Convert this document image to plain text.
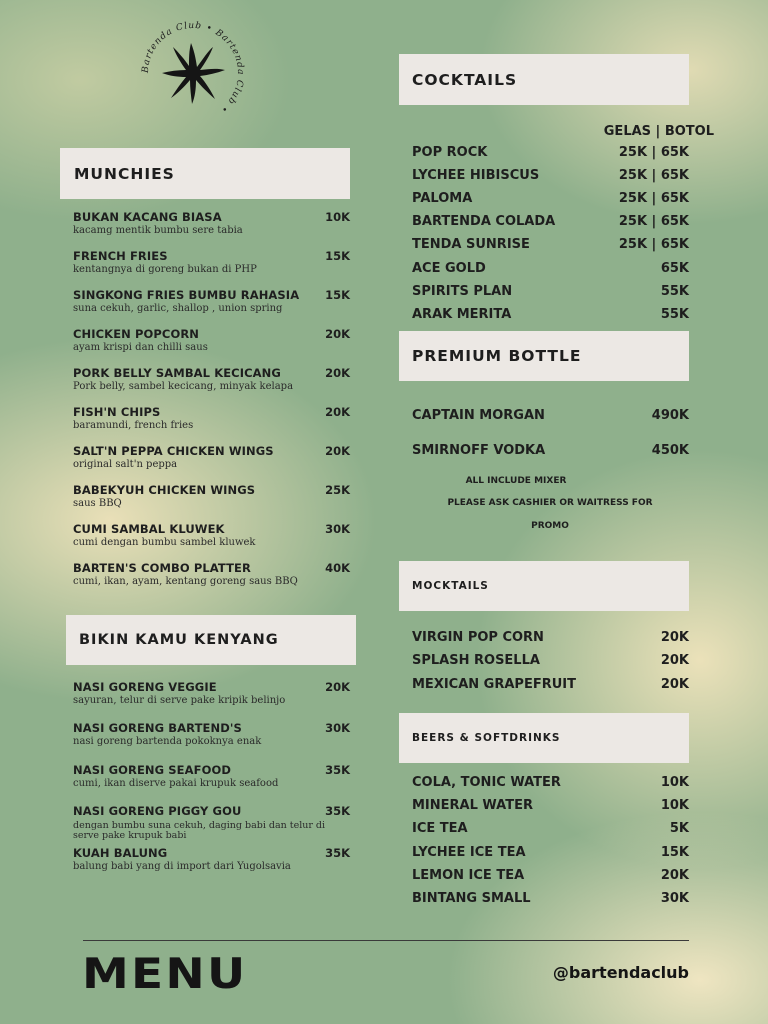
Bartenda Club • Bartenda Club •
MUNCHIES
BUKAN KACANG BIASA	10K
kacamg mentik bumbu sere tabia
FRENCH FRIES	15K
kentangnya di goreng bukan di PHP
SINGKONG FRIES BUMBU RAHASIA 15K
suna cekuh, garlic, shallop , union spring
CHICKEN POPCORN	20K
ayam krispi dan chilli saus
PORK BELLY SAMBAL KECICANG	20K
Pork belly, sambel kecicang, minyak kelapa
FISH'N CHIPS	20K
baramundi, french fries
SALT'N PEPPA CHICKEN WINGS	20K
original salt'n peppa
BABEKYUH CHICKEN WINGS	25K
saus BBQ
CUMI SAMBAL KLUWEK	30K
cumi dengan bumbu sambel kluwek
BARTEN'S COMBO PLATTER	40K
cumi, ikan, ayam, kentang goreng saus BBQ
BIKIN KAMU KENYANG
NASI GORENG VEGGIE	20K
sayuran, telur di serve pake kripik belinjo
NASI GORENG BARTEND'S	30K
nasi goreng bartenda pokoknya enak
NASI GORENG SEAFOOD	35K
cumi, ikan diserve pakai krupuk seafood
NASI GORENG PIGGY GOU	35K
dengan bumbu suna cekuh, daging babi dan telur di serve pake krupuk babi
KUAH BALUNG	35K
balung babi yang di import dari Yugolsavia
COCKTAILS
GELAS | BOTOL
POP ROCK	25K | 65K
LYCHEE HIBISCUS	25K | 65K
PALOMA	25K | 65K
BARTENDA COLADA	25K | 65K
TENDA SUNRISE	25K | 65K
ACE GOLD	65K
SPIRITS PLAN	55K
ARAK MERITA	55K
PREMIUM BOTTLE
CAPTAIN MORGAN	490K
SMIRNOFF VODKA	450K
ALL INCLUDE MIXER
PLEASE ASK CASHIER OR WAITRESS FOR
PROMO
MOCKTAILS
VIRGIN POP CORN	20K
SPLASH ROSELLA	20K
MEXICAN GRAPEFRUIT	20K
BEERS & SOFTDRINKS
COLA, TONIC WATER	10K
MINERAL WATER	10K
ICE TEA	5K
LYCHEE ICE TEA	15K
LEMON ICE TEA	20K
BINTANG SMALL	30K
MENU	@bartendaclub
